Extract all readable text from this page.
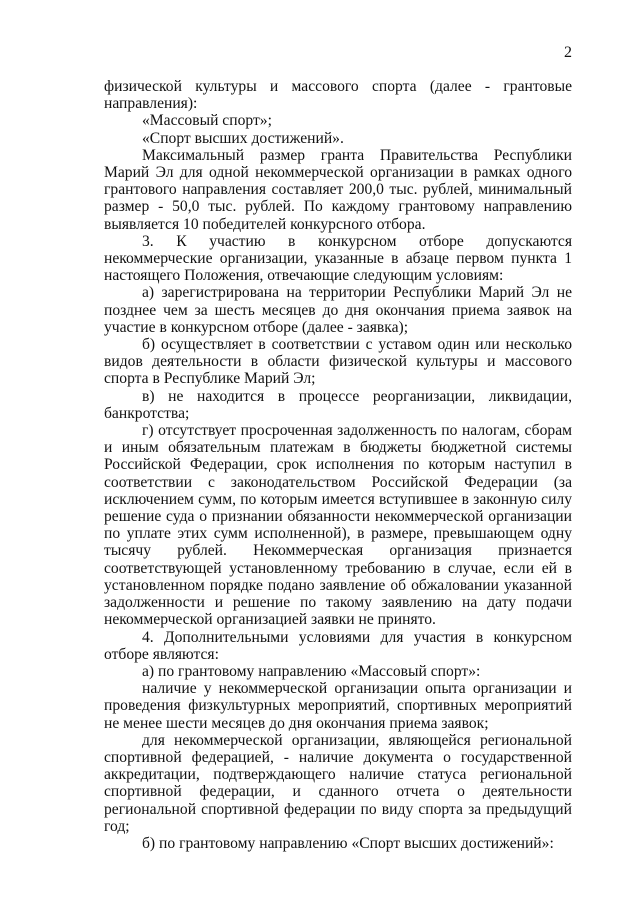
2

физической культуры и массового спорта (далее - грантовые направления):

«Массовый спорт»;

«Спорт высших достижений».

Максимальный размер гранта Правительства Республики Марий Эл для одной некоммерческой организации в рамках одного грантового направления составляет 200,0 тыс. рублей, минимальный размер - 50,0 тыс. рублей. По каждому грантовому направлению выявляется 10 победителей конкурсного отбора.

3. К участию в конкурсном отборе допускаются некоммерческие организации, указанные в абзаце первом пункта 1 настоящего Положения, отвечающие следующим условиям:

а) зарегистрирована на территории Республики Марий Эл не позднее чем за шесть месяцев до дня окончания приема заявок на участие в конкурсном отборе (далее - заявка);

б) осуществляет в соответствии с уставом один или несколько видов деятельности в области физической культуры и массового спорта в Республике Марий Эл;

в) не находится в процессе реорганизации, ликвидации, банкротства;

г) отсутствует просроченная задолженность по налогам, сборам и иным обязательным платежам в бюджеты бюджетной системы Российской Федерации, срок исполнения по которым наступил в соответствии с законодательством Российской Федерации (за исключением сумм, по которым имеется вступившее в законную силу решение суда о признании обязанности некоммерческой организации по уплате этих сумм исполненной), в размере, превышающем одну тысячу рублей. Некоммерческая организация признается соответствующей установленному требованию в случае, если ей в установленном порядке подано заявление об обжаловании указанной задолженности и решение по такому заявлению на дату подачи некоммерческой организацией заявки не принято.

4. Дополнительными условиями для участия в конкурсном отборе являются:

а) по грантовому направлению «Массовый спорт»:

наличие у некоммерческой организации опыта организации и проведения физкультурных мероприятий, спортивных мероприятий не менее шести месяцев до дня окончания приема заявок;

для некоммерческой организации, являющейся региональной спортивной федерацией, - наличие документа о государственной аккредитации, подтверждающего наличие статуса региональной спортивной федерации, и сданного отчета о деятельности региональной спортивной федерации по виду спорта за предыдущий год;

б) по грантовому направлению «Спорт высших достижений»:
